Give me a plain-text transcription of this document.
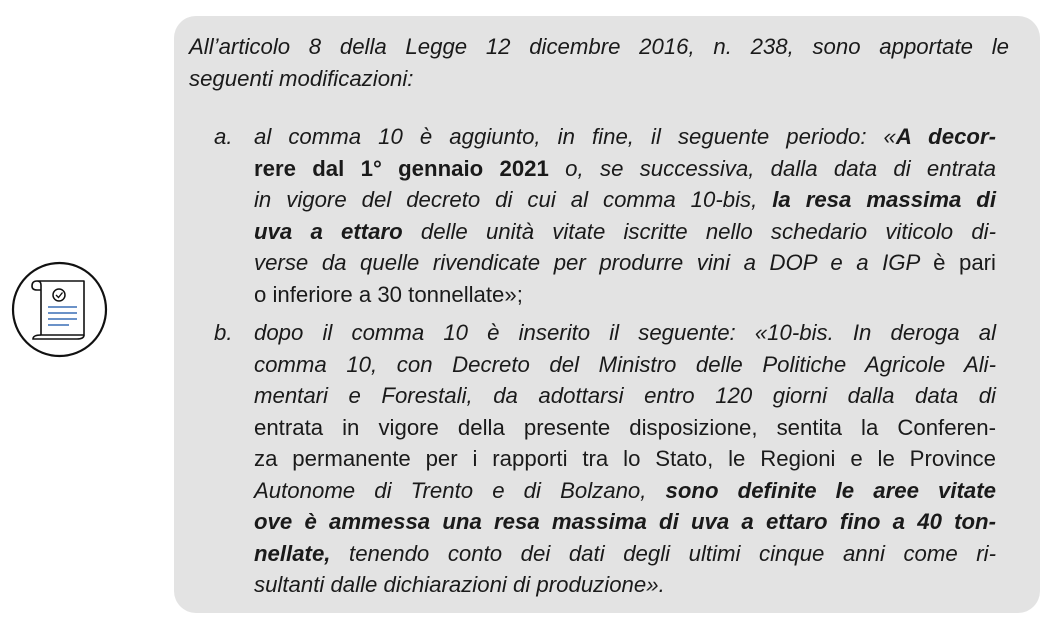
All’articolo 8 della Legge 12 dicembre 2016, n. 238, sono apportate le
seguenti modificazioni:
a. al comma 10 è aggiunto, in fine, il seguente periodo: «A decor-
rere dal 1° gennaio 2021 o, se successiva, dalla data di entrata
in vigore del decreto di cui al comma 10-bis, la resa massima di
uva a ettaro delle unità vitate iscritte nello schedario viticolo di-
verse da quelle rivendicate per produrre vini a DOP e a IGP è pari
o inferiore a 30 tonnellate»;
b. dopo il comma 10 è inserito il seguente: «10-bis. In deroga al
comma 10, con Decreto del Ministro delle Politiche Agricole Ali-
mentari e Forestali, da adottarsi entro 120 giorni dalla data di
entrata in vigore della presente disposizione, sentita la Conferen-
za permanente per i rapporti tra lo Stato, le Regioni e le Province
Autonome di Trento e di Bolzano, sono definite le aree vitate
ove è ammessa una resa massima di uva a ettaro fino a 40 ton-
nellate, tenendo conto dei dati degli ultimi cinque anni come ri-
sultanti dalle dichiarazioni di produzione».
